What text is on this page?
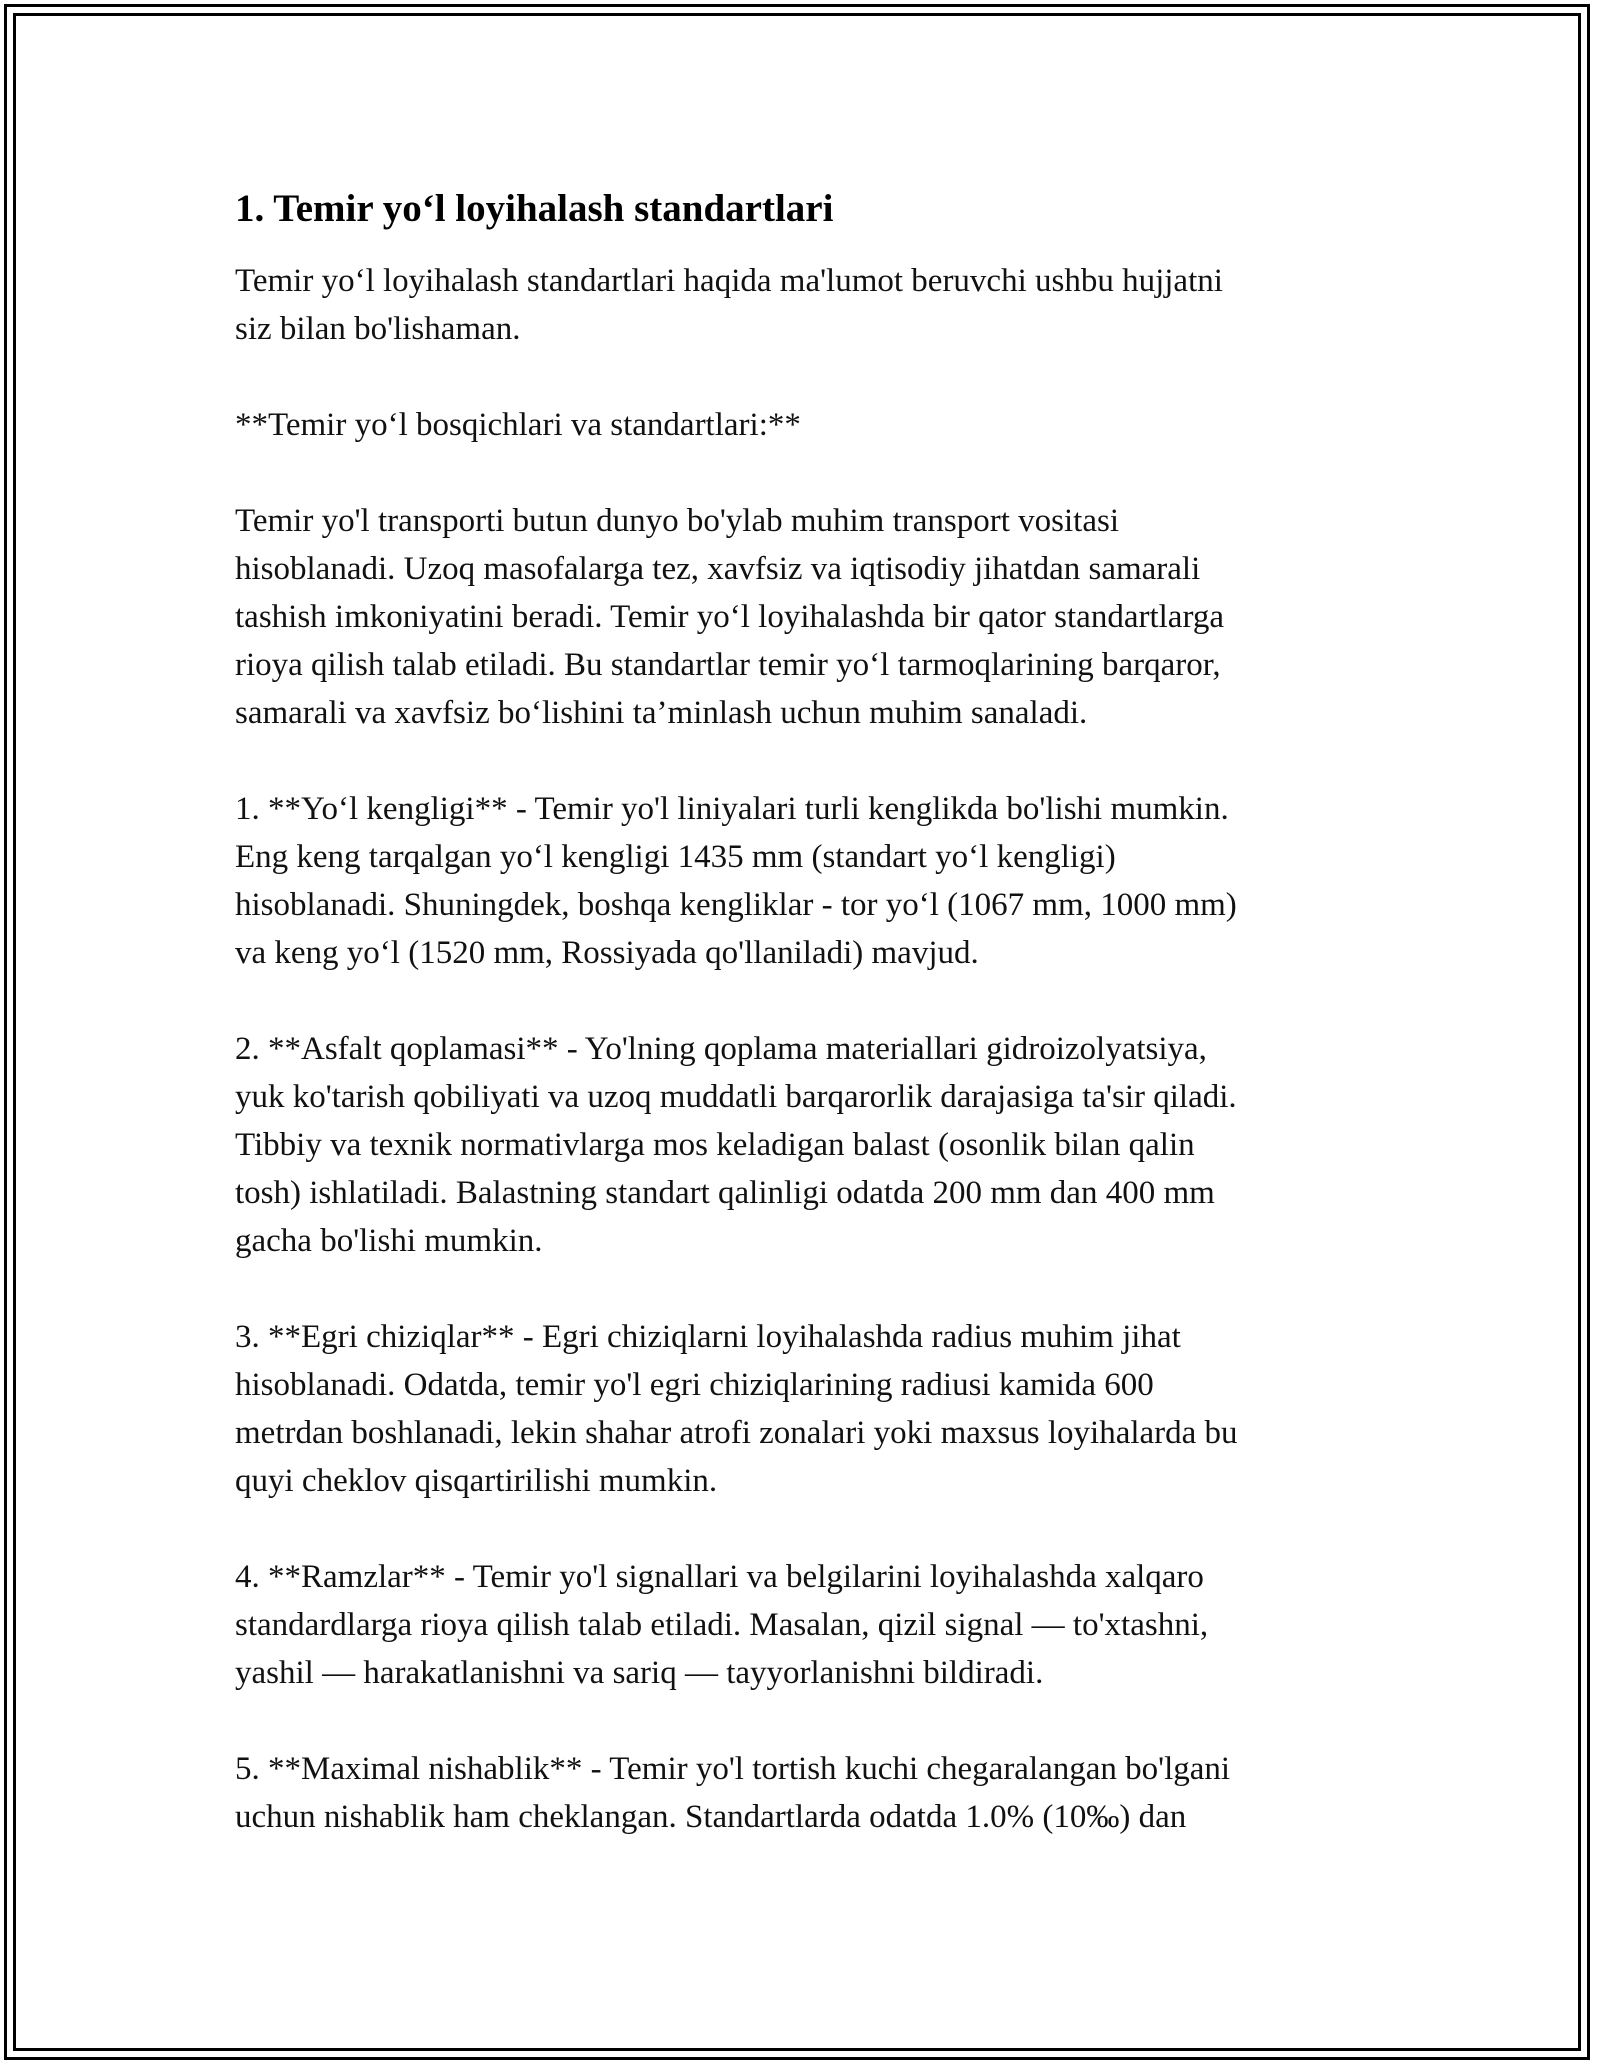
1. Temir yo‘l loyihalash standartlari

Temir yo‘l loyihalash standartlari haqida ma'lumot beruvchi ushbu hujjatni
siz bilan bo'lishaman.

**Temir yo‘l bosqichlari va standartlari:**

Temir yo'l transporti butun dunyo bo'ylab muhim transport vositasi
hisoblanadi. Uzoq masofalarga tez, xavfsiz va iqtisodiy jihatdan samarali
tashish imkoniyatini beradi. Temir yo‘l loyihalashda bir qator standartlarga
rioya qilish talab etiladi. Bu standartlar temir yo‘l tarmoqlarining barqaror,
samarali va xavfsiz bo‘lishini ta’minlash uchun muhim sanaladi.

1. **Yo‘l kengligi** - Temir yo'l liniyalari turli kenglikda bo'lishi mumkin.
Eng keng tarqalgan yo‘l kengligi 1435 mm (standart yo‘l kengligi)
hisoblanadi. Shuningdek, boshqa kengliklar - tor yo‘l (1067 mm, 1000 mm)
va keng yo‘l (1520 mm, Rossiyada qo'llaniladi) mavjud.

2. **Asfalt qoplamasi** - Yo'lning qoplama materiallari gidroizolyatsiya,
yuk ko'tarish qobiliyati va uzoq muddatli barqarorlik darajasiga ta'sir qiladi.
Tibbiy va texnik normativlarga mos keladigan balast (osonlik bilan qalin
tosh) ishlatiladi. Balastning standart qalinligi odatda 200 mm dan 400 mm
gacha bo'lishi mumkin.

3. **Egri chiziqlar** - Egri chiziqlarni loyihalashda radius muhim jihat
hisoblanadi. Odatda, temir yo'l egri chiziqlarining radiusi kamida 600
metrdan boshlanadi, lekin shahar atrofi zonalari yoki maxsus loyihalarda bu
quyi cheklov qisqartirilishi mumkin.

4. **Ramzlar** - Temir yo'l signallari va belgilarini loyihalashda xalqaro
standardlarga rioya qilish talab etiladi. Masalan, qizil signal — to'xtashni,
yashil — harakatlanishni va sariq — tayyorlanishni bildiradi.

5. **Maximal nishablik** - Temir yo'l tortish kuchi chegaralangan bo'lgani
uchun nishablik ham cheklangan. Standartlarda odatda 1.0% (10‰) dan
